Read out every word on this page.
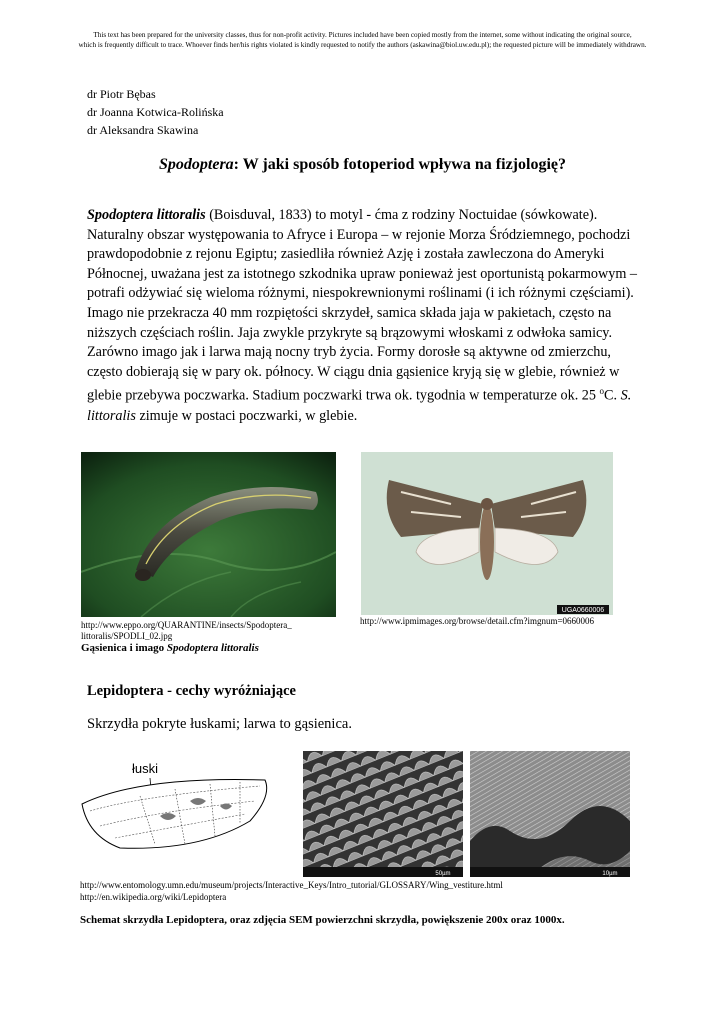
This text has been prepared for the university classes, thus for non-profit activity. Pictures included have been copied mostly from the internet, some without indicating the original source,
which is frequently difficult to trace. Whoever finds her/his rights violated is kindly requested to notify the authors (askawina@biol.uw.edu.pl); the requested picture will be immediately withdrawn.
dr Piotr Bębas
dr Joanna Kotwica-Rolińska
dr Aleksandra Skawina
Spodoptera: W jaki sposób fotoperiod wpływa na fizjologię?

Spodoptera littoralis (Boisduval, 1833) to motyl - ćma z rodziny Noctuidae (sówkowate). Naturalny obszar występowania to Afryce i Europa – w rejonie Morza Śródziemnego, pochodzi prawdopodobnie z rejonu Egiptu; zasiedliła również Azję i została zawleczona do Ameryki Północnej, uważana jest za istotnego szkodnika upraw ponieważ jest oportunistą pokarmowym – potrafi odżywiać się wieloma różnymi, niespokrewnionymi roślinami (i ich różnymi częściami).

Imago nie przekracza 40 mm rozpiętości skrzydeł, samica składa jaja w pakietach, często na niższych częściach roślin. Jaja zwykle przykryte są brązowymi włoskami z odwłoka samicy. Zarówno imago jak i larwa mają nocny tryb życia. Formy dorosłe są aktywne od zmierzchu, często dobierają się w pary ok. północy. W ciągu dnia gąsienice kryją się w glebie, również w glebie przebywa poczwarka. Stadium poczwarki trwa ok. tygodnia w temperaturze ok. 25 $^o$C. S. littoralis zimuje w postaci poczwarki, w glebie.

UGA0660006
http://www.eppo.org/QUARANTINE/insects/Spodoptera_ littoralis/SPODLI_02.jpg
http://www.ipmimages.org/browse/detail.cfm?imgnum=0660006
Gąsienica i imago Spodoptera littoralis
Lepidoptera - cechy wyróżniające
Skrzydła pokryte łuskami; larwa to gąsienica.
łuski
50µm	10µm
http://www.entomology.umn.edu/museum/projects/Interactive_Keys/Intro_tutorial/GLOSSARY/Wing_vestiture.html
http://en.wikipedia.org/wiki/Lepidoptera
Schemat skrzydła Lepidoptera, oraz zdjęcia SEM powierzchni skrzydła, powiększenie 200x oraz 1000x.
